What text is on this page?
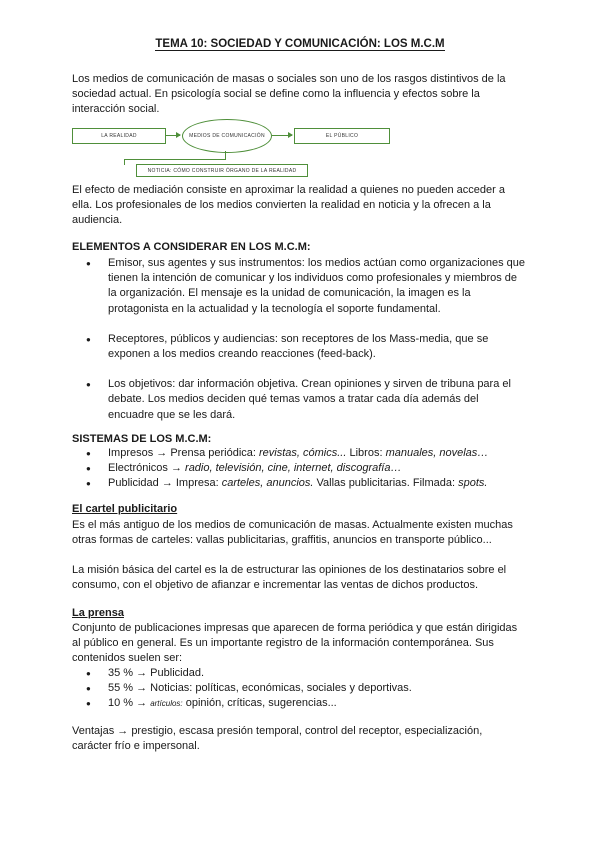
TEMA 10: SOCIEDAD Y COMUNICACIÓN: LOS M.C.M

Los medios de comunicación de masas o sociales son uno de los rasgos distintivos de la sociedad actual. En psicología social se define como la influencia y efectos sobre la interacción social.

LA REALIDAD	MEDIOS DE COMUNICACIÓN	EL PÚBLICO
NOTICIA: CÓMO CONSTRUIR ÓRGANO DE LA REALIDAD

El efecto de mediación consiste en aproximar la realidad a quienes no pueden acceder a ella. Los profesionales de los medios convierten la realidad en noticia y la ofrecen a la audiencia.

ELEMENTOS A CONSIDERAR EN LOS M.C.M:

● Emisor, sus agentes y sus instrumentos: los medios actúan como organizaciones que tienen la intención de comunicar y los individuos como profesionales y miembros de la organización. El mensaje es la unidad de comunicación, la imagen es la protagonista en la actualidad y la tecnología el soporte fundamental.
● Receptores, públicos y audiencias: son receptores de los Mass-media, que se exponen a los medios creando reacciones (feed-back).
● Los objetivos: dar información objetiva. Crean opiniones y sirven de tribuna para el debate. Los medios deciden qué temas vamos a tratar cada día además del encuadre que se les dará.

SISTEMAS DE LOS M.C.M:

● Impresos → Prensa periódica: revistas, cómics... Libros: manuales, novelas…
● Electrónicos → radio, televisión, cine, internet, discografía…
● Publicidad → Impresa: carteles, anuncios. Vallas publicitarias. Filmada: spots.

El cartel publicitario

Es el más antiguo de los medios de comunicación de masas. Actualmente existen muchas otras formas de carteles: vallas publicitarias, graffitis, anuncios en transporte público...

La misión básica del cartel es la de estructurar las opiniones de los destinatarios sobre el consumo, con el objetivo de afianzar e incrementar las ventas de dichos productos.

La prensa

Conjunto de publicaciones impresas que aparecen de forma periódica y que están dirigidas al público en general. Es un importante registro de la información contemporánea. Sus contenidos suelen ser:

● 35 % → Publicidad.
● 55 % → Noticias: políticas, económicas, sociales y deportivas.
● 10 % → artículos: opinión, críticas, sugerencias...

Ventajas → prestigio, escasa presión temporal, control del receptor, especialización, carácter frío e impersonal.
